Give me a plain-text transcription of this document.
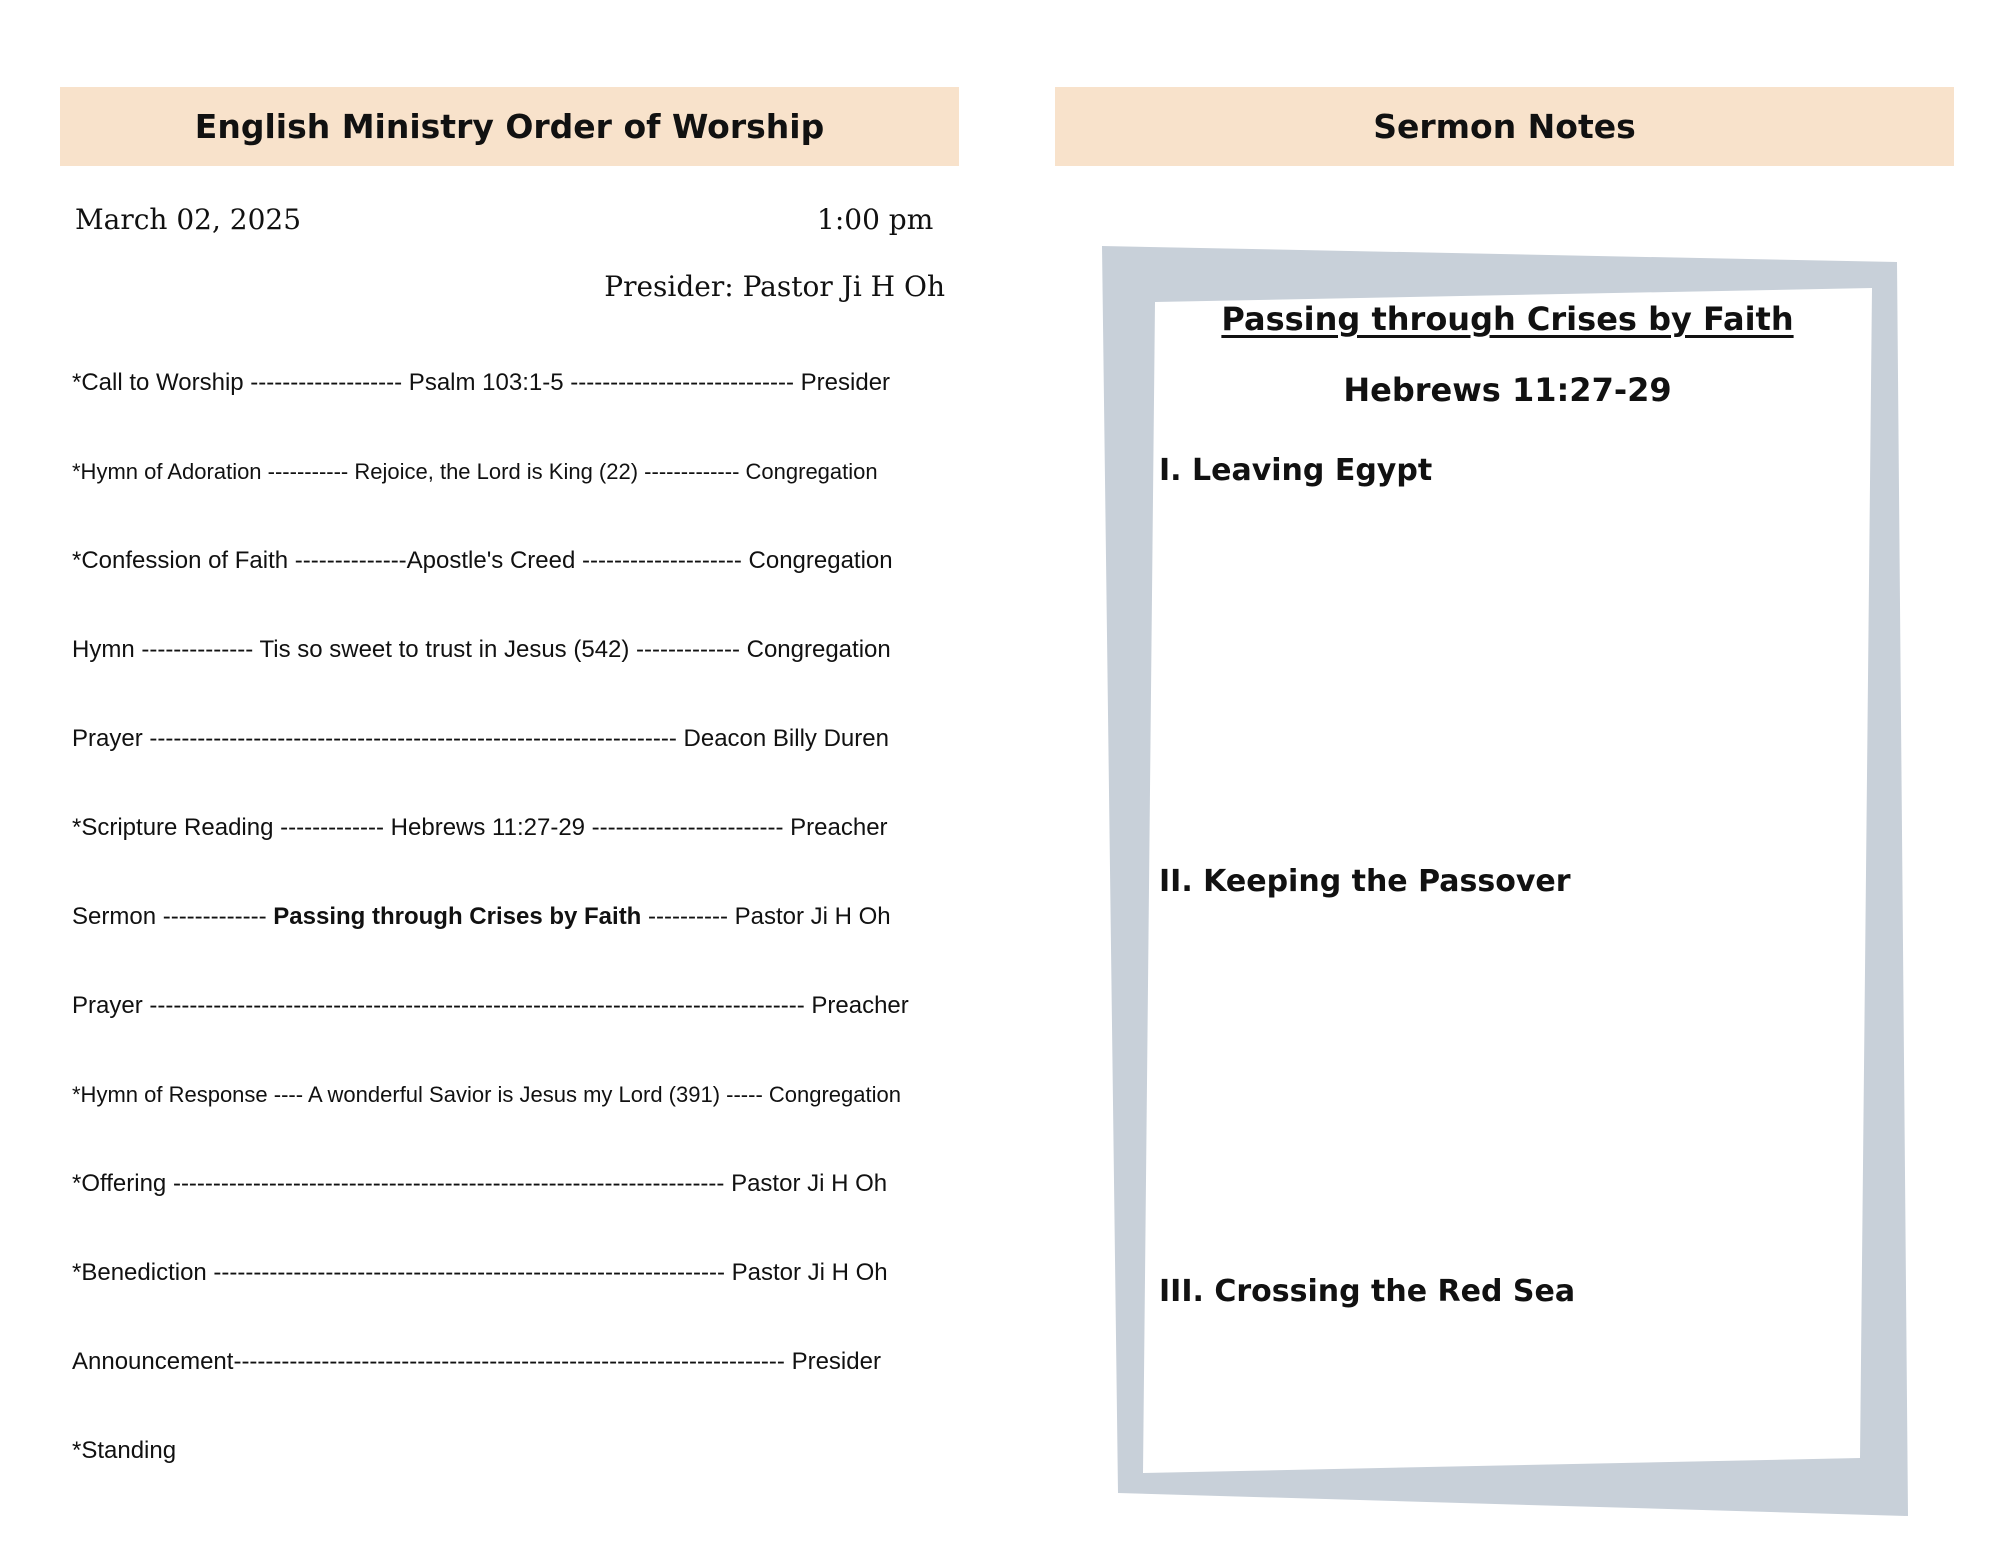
English Ministry Order of Worship	Sermon Notes
March 02, 2025	1:00 pm
Presider: Pastor Ji H Oh
*Call to Worship ------------------- Psalm 103:1-5 ---------------------------- Presider
*Hymn of Adoration ----------- Rejoice, the Lord is King (22) ------------- Congregation
*Confession of Faith --------------Apostle's Creed -------------------- Congregation
Hymn -------------- Tis so sweet to trust in Jesus (542) ------------- Congregation
Prayer ------------------------------------------------------------------ Deacon Billy Duren
*Scripture Reading ------------- Hebrews 11:27-29 ------------------------ Preacher
Sermon ------------- Passing through Crises by Faith ---------- Pastor Ji H Oh
Prayer ---------------------------------------------------------------------------------- Preacher
*Hymn of Response ---- A wonderful Savior is Jesus my Lord (391) ----- Congregation
*Offering --------------------------------------------------------------------- Pastor Ji H Oh
*Benediction ---------------------------------------------------------------- Pastor Ji H Oh
Announcement--------------------------------------------------------------------- Presider
*Standing
Passing through Crises by Faith
Hebrews 11:27-29
I. Leaving Egypt
II. Keeping the Passover
III. Crossing the Red Sea
